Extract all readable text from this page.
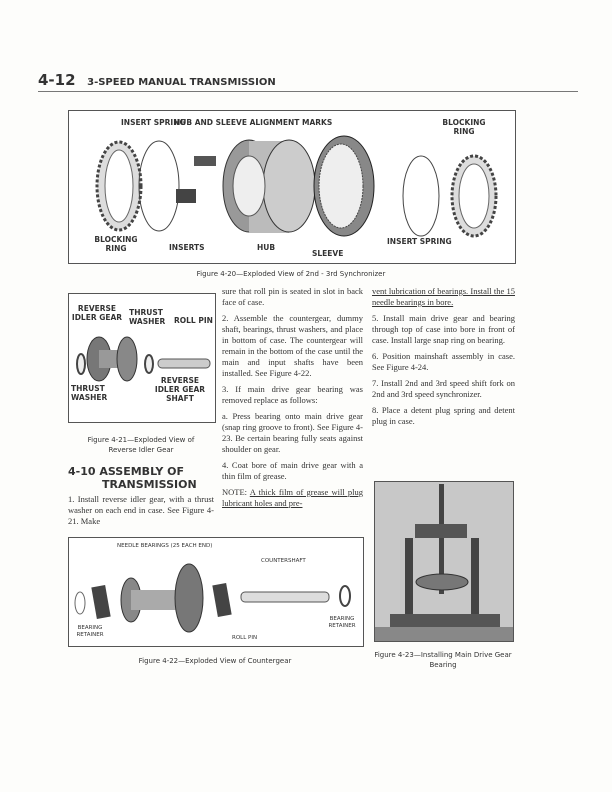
4-12 3-SPEED MANUAL TRANSMISSION
INSERT SPRING
HUB AND SLEEVE ALIGNMENT MARKS	BLOCKING RING
BLOCKING RING	INSERTS	HUB
SLEEVE
INSERT SPRING
Figure 4-20—Exploded View of 2nd - 3rd Synchronizer
REVERSE IDLER GEAR
THRUST WASHER ROLL PIN
REVERSE IDLER GEAR SHAFT
THRUST WASHER
Figure 4-21—Exploded View of Reverse Idler Gear
4-10 ASSEMBLY OF
TRANSMISSION
1. Install reverse idler gear, with a thrust washer on each end in case. See Figure 4-21. Make

sure that roll pin is seated in slot in back face of case.

2. Assemble the countergear, dummy shaft, bearings, thrust washers, and place in bottom of case. The countergear will remain in the bottom of the case until the main and input shafts have been installed. See Figure 4-22.

3. If main drive gear bearing was removed replace as follows:

a. Press bearing onto main drive gear (snap ring groove to front). See Figure 4-23. Be certain bearing fully seats against shoulder on gear.

4. Coat bore of main drive gear with a thin film of grease.

NOTE: A thick film of grease will plug lubricant holes and pre-

vent lubrication of bearings. Install the 15 needle bearings in bore.

5. Install main drive gear and bearing through top of case into bore in front of case. Install large snap ring on bearing.

6. Position mainshaft assembly in case. See Figure 4-24.

7. Install 2nd and 3rd speed shift fork on 2nd and 3rd speed synchronizer.

8. Place a detent plug spring and detent plug in case.

NEEDLE BEARINGS (25 EACH END)
COUNTERSHAFT
BEARING RETAINER	ROLL PIN
BEARING RETAINER
Figure 4-22—Exploded View of Countergear
Figure 4-23—Installing Main Drive Gear Bearing
